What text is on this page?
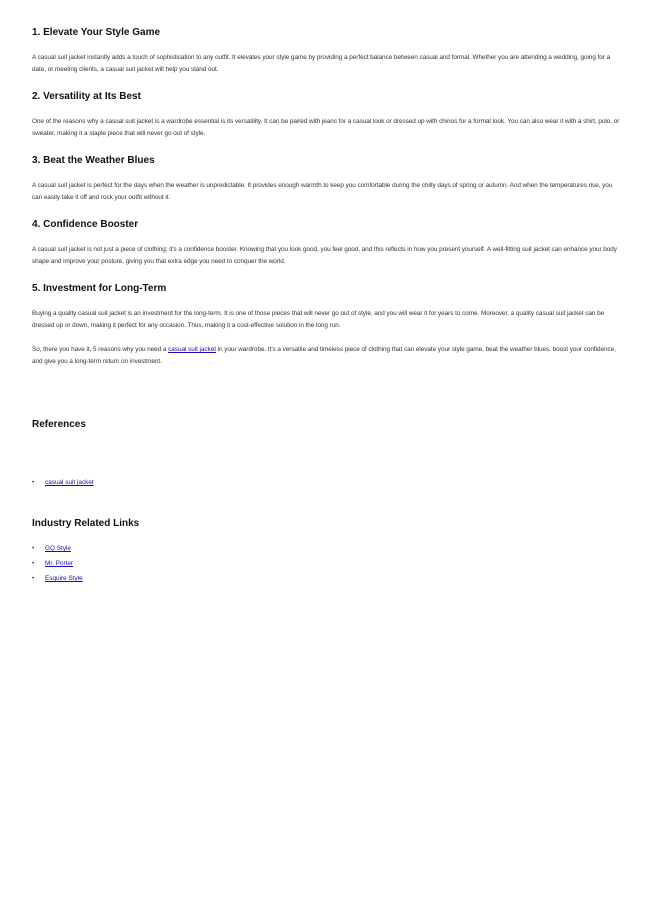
1. Elevate Your Style Game

A casual suit jacket instantly adds a touch of sophistication to any outfit. It elevates your style game by providing a perfect balance between casual and formal. Whether you are attending a wedding, going for a date, or meeting clients, a casual suit jacket will help you stand out.

2. Versatility at Its Best

One of the reasons why a casual suit jacket is a wardrobe essential is its versatility. It can be paired with jeans for a casual look or dressed up with chinos for a formal look. You can also wear it with a shirt, polo, or sweater, making it a staple piece that will never go out of style.

3. Beat the Weather Blues

A casual suit jacket is perfect for the days when the weather is unpredictable. It provides enough warmth to keep you comfortable during the chilly days of spring or autumn. And when the temperatures rise, you can easily take it off and rock your outfit without it.

4. Confidence Booster

A casual suit jacket is not just a piece of clothing; it's a confidence booster. Knowing that you look good, you feel good, and this reflects in how you present yourself. A well-fitting suit jacket can enhance your body shape and improve your posture, giving you that extra edge you need to conquer the world.

5. Investment for Long-Term

Buying a quality casual suit jacket is an investment for the long-term. It is one of those pieces that will never go out of style, and you will wear it for years to come. Moreover, a quality casual suit jacket can be dressed up or down, making it perfect for any occasion. Thus, making it a cost-effective solution in the long run.

So, there you have it, 5 reasons why you need a casual suit jacket in your wardrobe. It's a versatile and timeless piece of clothing that can elevate your style game, beat the weather blues, boost your confidence, and give you a long-term return on investment.

References
• casual suit jacket
Industry Related Links
• GQ Style
• Mr. Porter
• Esquire Style
